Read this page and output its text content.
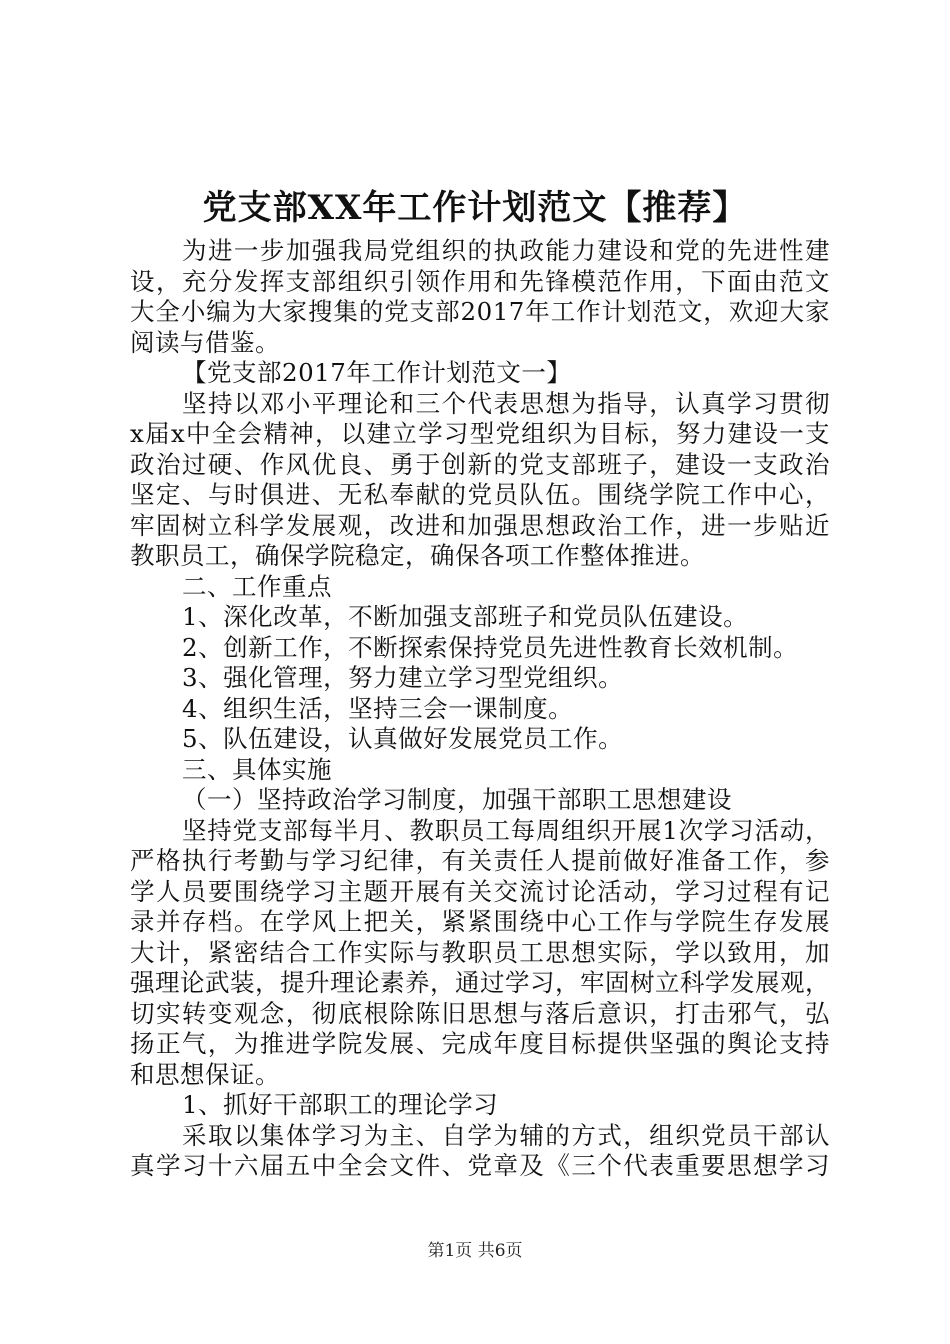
党支部XX年工作计划范文【推荐】
为进一步加强我局党组织的执政能力建设和党的先进性建
设，充分发挥支部组织引领作用和先锋模范作用，下面由范文
大全小编为大家搜集的党支部2017年工作计划范文，欢迎大家
阅读与借鉴。
【党支部2017年工作计划范文一】
坚持以邓小平理论和三个代表思想为指导，认真学习贯彻
x届x中全会精神，以建立学习型党组织为目标，努力建设一支
政治过硬、作风优良、勇于创新的党支部班子，建设一支政治
坚定、与时俱进、无私奉献的党员队伍。围绕学院工作中心，
牢固树立科学发展观，改进和加强思想政治工作，进一步贴近
教职员工，确保学院稳定，确保各项工作整体推进。
二、工作重点
1、深化改革，不断加强支部班子和党员队伍建设。
2、创新工作，不断探索保持党员先进性教育长效机制。
3、强化管理，努力建立学习型党组织。
4、组织生活，坚持三会一课制度。
5、队伍建设，认真做好发展党员工作。
三、具体实施
（一）坚持政治学习制度，加强干部职工思想建设
坚持党支部每半月、教职员工每周组织开展1次学习活动，
严格执行考勤与学习纪律，有关责任人提前做好准备工作，参
学人员要围绕学习主题开展有关交流讨论活动，学习过程有记
录并存档。在学风上把关，紧紧围绕中心工作与学院生存发展
大计，紧密结合工作实际与教职员工思想实际，学以致用，加
强理论武装，提升理论素养，通过学习，牢固树立科学发展观，
切实转变观念，彻底根除陈旧思想与落后意识，打击邪气，弘
扬正气，为推进学院发展、完成年度目标提供坚强的舆论支持
和思想保证。
1、抓好干部职工的理论学习
采取以集体学习为主、自学为辅的方式，组织党员干部认
真学习十六届五中全会文件、党章及《三个代表重要思想学习
第1页 共6页
